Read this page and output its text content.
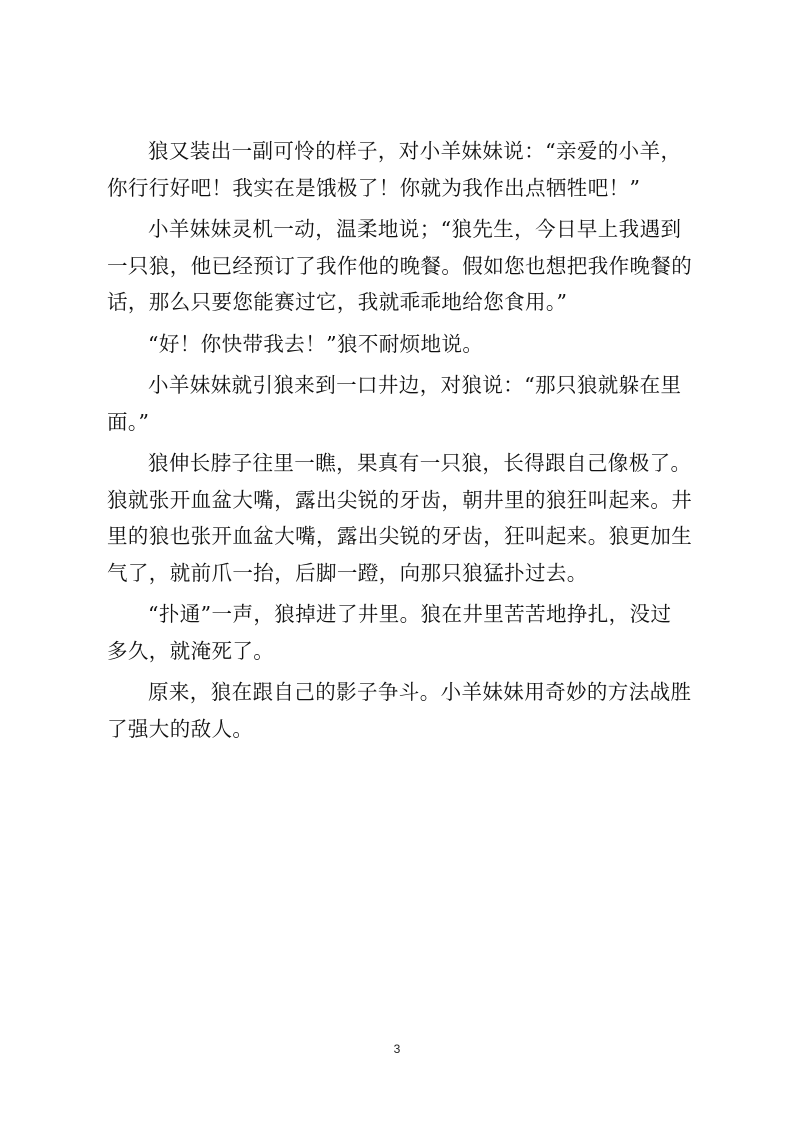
狼又装出一副可怜的样子，对小羊妹妹说：“亲爱的小羊，
你行行好吧！我实在是饿极了！你就为我作出点牺牲吧！”

小羊妹妹灵机一动，温柔地说；“狼先生，今日早上我遇到
一只狼，他已经预订了我作他的晚餐。假如您也想把我作晚餐的
话，那么只要您能赛过它，我就乖乖地给您食用。”

“好！你快带我去！”狼不耐烦地说。

小羊妹妹就引狼来到一口井边，对狼说：“那只狼就躲在里
面。”

狼伸长脖子往里一瞧，果真有一只狼，长得跟自己像极了。
狼就张开血盆大嘴，露出尖锐的牙齿，朝井里的狼狂叫起来。井
里的狼也张开血盆大嘴，露出尖锐的牙齿，狂叫起来。狼更加生
气了，就前爪一抬，后脚一蹬，向那只狼猛扑过去。

“扑通”一声，狼掉进了井里。狼在井里苦苦地挣扎，没过
多久，就淹死了。

原来，狼在跟自己的影子争斗。小羊妹妹用奇妙的方法战胜
了强大的敌人。

3
